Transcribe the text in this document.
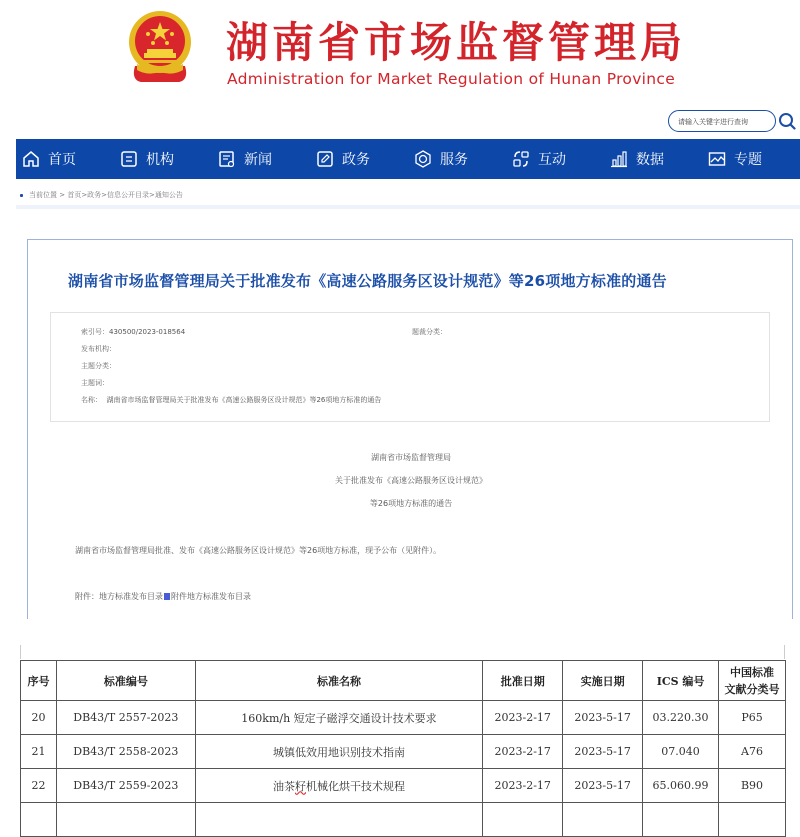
湖南省市场监督管理局
Administration for Market Regulation of Hunan Province
请输入关键字进行查询
首页	机构	新闻	政务	服务	互动	数据	专题
当前位置 > 首页>政务>信息公开目录>通知公告
湖南省市场监督管理局关于批准发布《高速公路服务区设计规范》等26项地方标准的通告
索引号：430500/2023-018564	题裁分类：
发布机构：
主题分类：
主题词：
名称： 湖南省市场监督管理局关于批准发布《高速公路服务区设计规范》等26项地方标准的通告
湖南省市场监督管理局
关于批准发布《高速公路服务区设计规范》
等26项地方标准的通告
湖南省市场监督管理局批准、发布《高速公路服务区设计规范》等26项地方标准，现予公布（见附件）。
附件：地方标准发布目录 附件地方标准发布目录
序号	标准编号	标准名称	批准日期	实施日期	ICS 编号	中国标准
文献分类号

20	DB43/T 2557-2023	160km/h 短定子磁浮交通设计技术要求	2023-2-17	2023-5-17	03.220.30	P65
21	DB43/T 2558-2023	城镇低效用地识别技术指南	2023-2-17	2023-5-17	07.040	A76
22	DB43/T 2559-2023	油茶籽机械化烘干技术规程	2023-2-17	2023-5-17	65.060.99	B90
